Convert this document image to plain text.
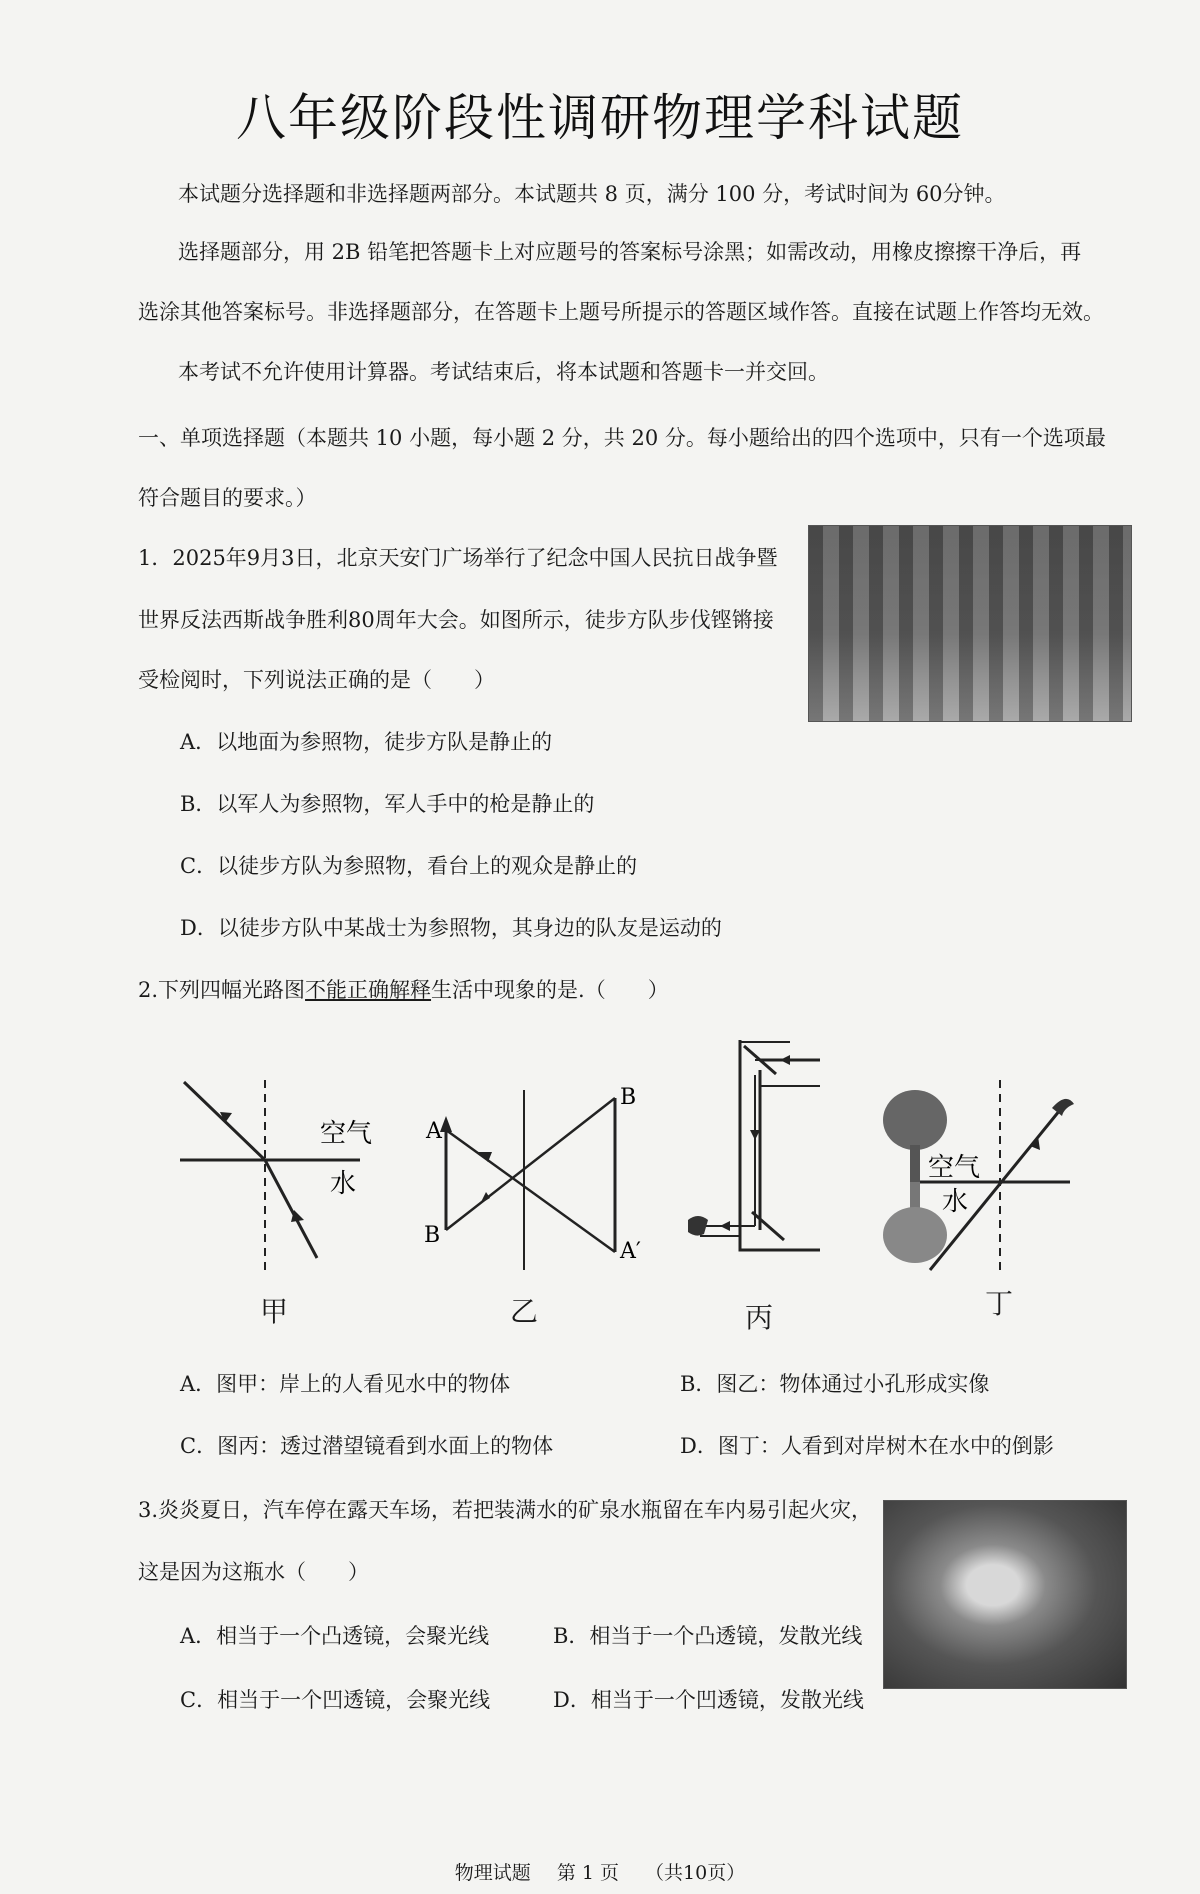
八年级阶段性调研物理学科试题
本试题分选择题和非选择题两部分。本试题共 8 页，满分 100 分，考试时间为 60分钟。
选择题部分，用 2B 铅笔把答题卡上对应题号的答案标号涂黑；如需改动，用橡皮擦擦干净后，再
选涂其他答案标号。非选择题部分，在答题卡上题号所提示的答题区域作答。直接在试题上作答均无效。
本考试不允许使用计算器。考试结束后，将本试题和答题卡一并交回。
一、单项选择题（本题共 10 小题，每小题 2 分，共 20 分。每小题给出的四个选项中，只有一个选项最
符合题目的要求。）
1．2025年9月3日，北京天安门广场举行了纪念中国人民抗日战争暨
世界反法西斯战争胜利80周年大会。如图所示，徒步方队步伐铿锵接
受检阅时，下列说法正确的是（　　）
A．以地面为参照物，徒步方队是静止的
B．以军人为参照物，军人手中的枪是静止的
C．以徒步方队为参照物，看台上的观众是静止的
D．以徒步方队中某战士为参照物，其身边的队友是运动的
2.下列四幅光路图不能正确解释生活中现象的是.（　　）
空气
水
A
B
B
A′
空气
水
甲	乙	丙	丁
A．图甲：岸上的人看见水中的物体	B．图乙：物体通过小孔形成实像
C．图丙：透过潜望镜看到水面上的物体	D．图丁：人看到对岸树木在水中的倒影
3.炎炎夏日，汽车停在露天车场，若把装满水的矿泉水瓶留在车内易引起火灾，
这是因为这瓶水（　　）
A．相当于一个凸透镜，会聚光线	B．相当于一个凸透镜，发散光线
C．相当于一个凹透镜，会聚光线	D．相当于一个凹透镜，发散光线
物理试题 第 1 页 （共10页）
